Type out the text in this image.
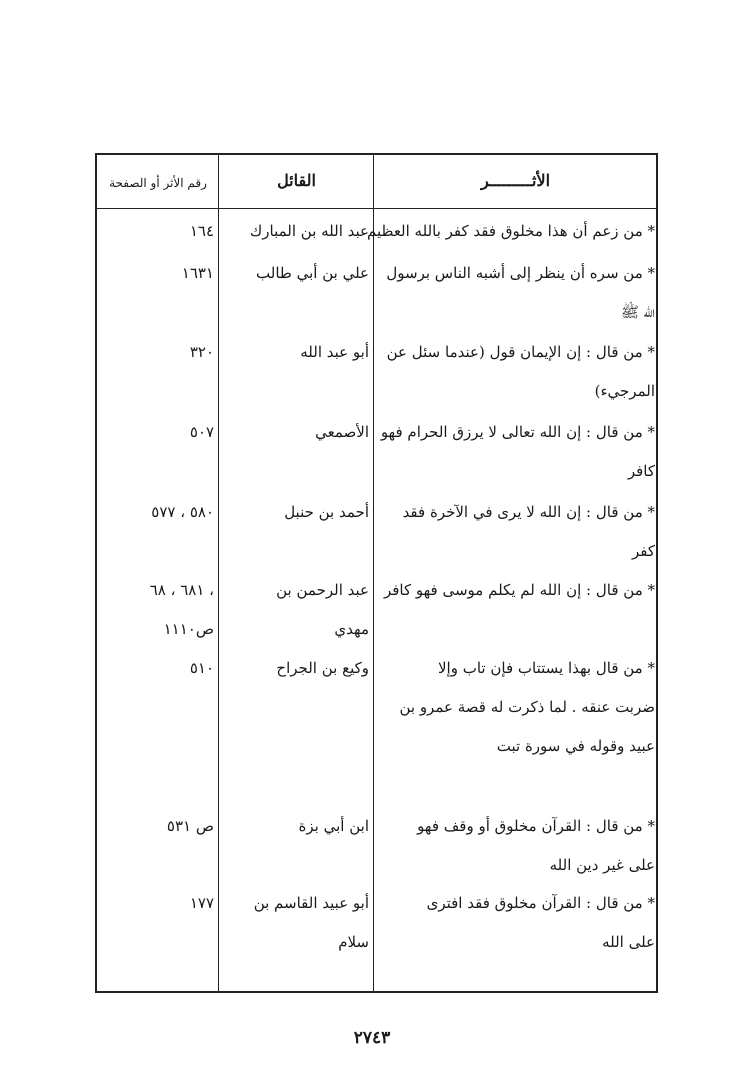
الأثـــــــــر
القائل
رقم الأثر أو الصفحة
* من زعم أن هذا مخلوق فقد كفر بالله العظيم
عبد الله بن المبارك
١٦٤
* من سره أن ينظر إلى أشبه الناس برسول
الله ﷺ
علي بن أبي طالب
١٦٣١
* من قال : إن الإيمان قول (عندما سئل عن
المرجيء)
أبو عبد الله
٣٢٠
* من قال : إن الله تعالى لا يرزق الحرام فهو
كافر
الأصمعي
٥٠٧
* من قال : إن الله لا يرى في الآخرة فقد
كفر
أحمد بن حنبل
٥٨٠ ، ٥٧٧
* من قال : إن الله لم يكلم موسى فهو كافر
عبد الرحمن بن
مهدي
، ٦٨١ ، ٦٨
ص١١١٠
* من قال بهذا يستتاب فإن تاب وإلا
ضربت عنقه . لما ذكرت له قصة عمرو بن
عبيد وقوله في سورة تبت
وكيع بن الجراح
٥١٠
* من قال : القرآن مخلوق أو وقف فهو
على غير دين الله
ابن أبي بزة
ص ٥٣١
* من قال : القرآن مخلوق فقد افترى
على الله
أبو عبيد القاسم بن
سلام
١٧٧
٢٧٤٣
